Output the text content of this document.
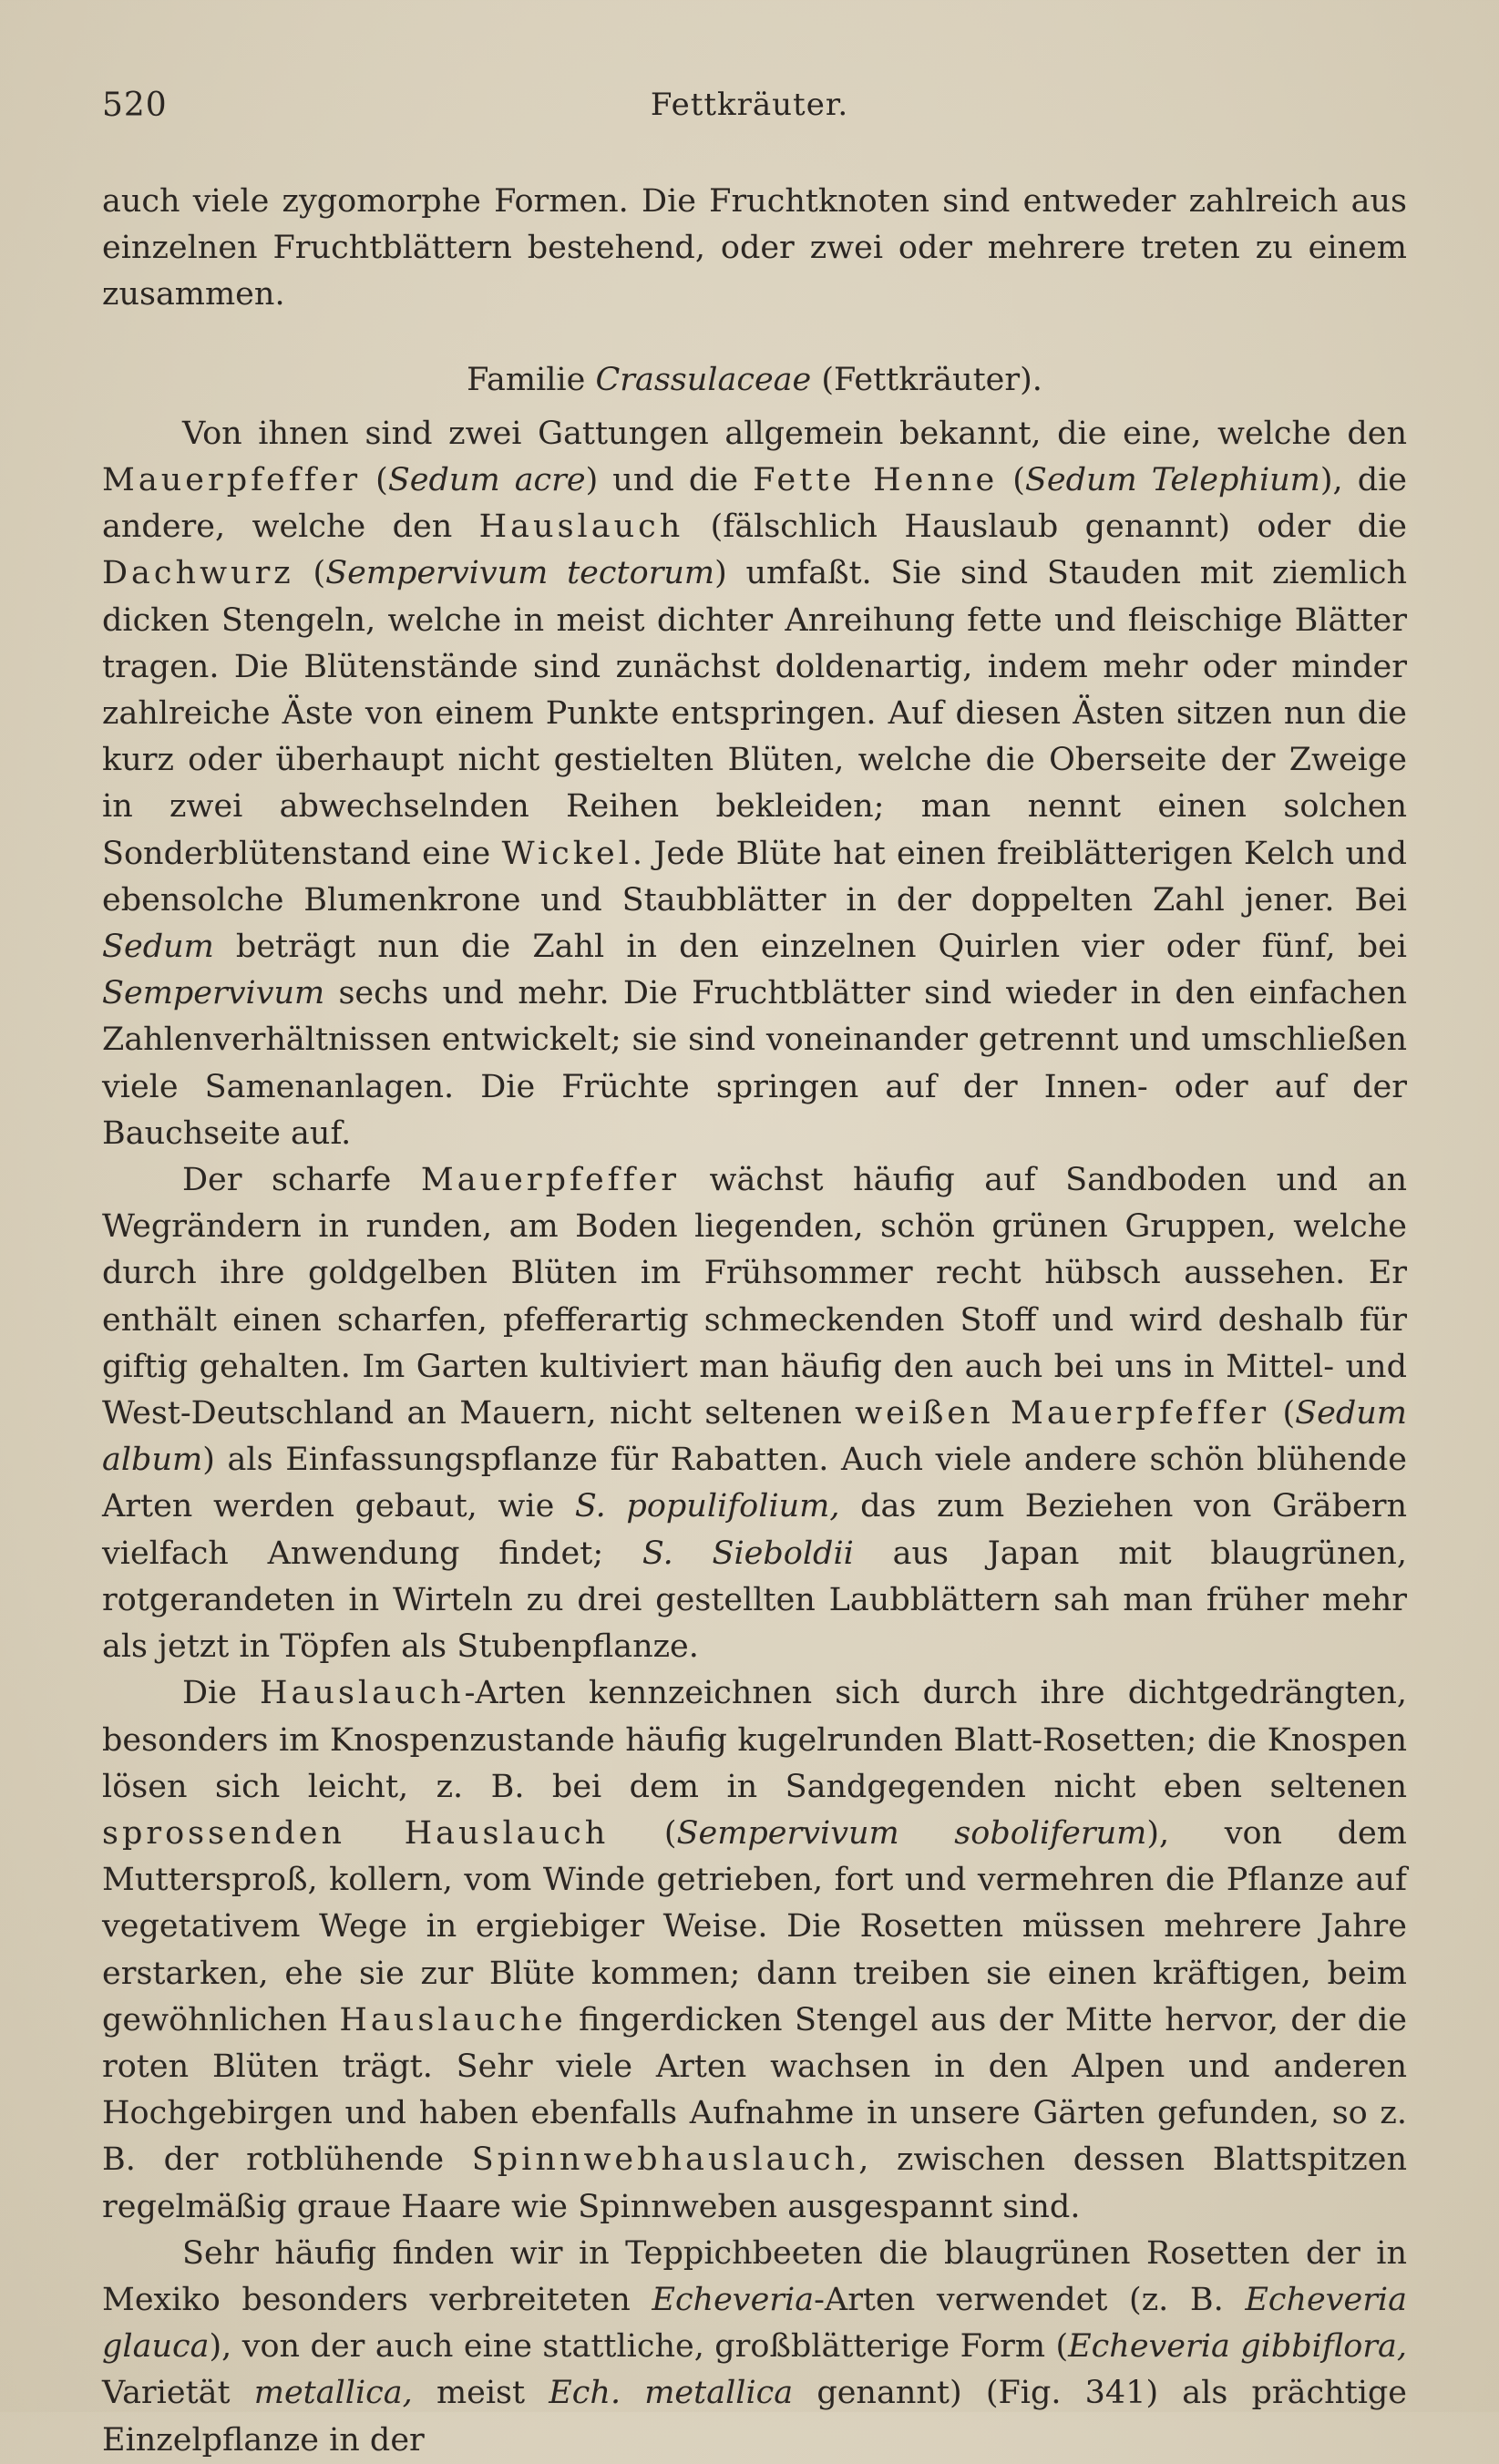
520	Fettkräuter.

auch viele zygomorphe Formen. Die Fruchtknoten sind entweder zahlreich aus einzelnen Fruchtblättern bestehend, oder zwei oder mehrere treten zu einem zusammen.

Familie Crassulaceae (Fettkräuter).

Von ihnen sind zwei Gattungen allgemein bekannt, die eine, welche den Mauerpfeffer (Sedum acre) und die Fette Henne (Sedum Telephium), die andere, welche den Hauslauch (fälschlich Hauslaub genannt) oder die Dachwurz (Sempervivum tectorum) umfaßt. Sie sind Stauden mit ziemlich dicken Stengeln, welche in meist dichter Anreihung fette und fleischige Blätter tragen. Die Blütenstände sind zunächst doldenartig, indem mehr oder minder zahlreiche Äste von einem Punkte entspringen. Auf diesen Ästen sitzen nun die kurz oder überhaupt nicht gestielten Blüten, welche die Oberseite der Zweige in zwei abwechselnden Reihen bekleiden; man nennt einen solchen Sonderblütenstand eine Wickel. Jede Blüte hat einen freiblätterigen Kelch und ebensolche Blumenkrone und Staubblätter in der doppelten Zahl jener. Bei Sedum beträgt nun die Zahl in den einzelnen Quirlen vier oder fünf, bei Sempervivum sechs und mehr. Die Fruchtblätter sind wieder in den einfachen Zahlenverhältnissen entwickelt; sie sind voneinander getrennt und umschließen viele Samenanlagen. Die Früchte springen auf der Innen- oder auf der Bauchseite auf.

Der scharfe Mauerpfeffer wächst häufig auf Sandboden und an Wegrändern in runden, am Boden liegenden, schön grünen Gruppen, welche durch ihre goldgelben Blüten im Frühsommer recht hübsch aussehen. Er enthält einen scharfen, pfefferartig schmeckenden Stoff und wird deshalb für giftig gehalten. Im Garten kultiviert man häufig den auch bei uns in Mittel- und West-Deutschland an Mauern, nicht seltenen weißen Mauerpfeffer (Sedum album) als Einfassungspflanze für Rabatten. Auch viele andere schön blühende Arten werden gebaut, wie S. populifolium, das zum Beziehen von Gräbern vielfach Anwendung findet; S. Sieboldii aus Japan mit blaugrünen, rotgerandeten in Wirteln zu drei gestellten Laubblättern sah man früher mehr als jetzt in Töpfen als Stubenpflanze.

Die Hauslauch-Arten kennzeichnen sich durch ihre dichtgedrängten, besonders im Knospenzustande häufig kugelrunden Blatt-Rosetten; die Knospen lösen sich leicht, z. B. bei dem in Sandgegenden nicht eben seltenen sprossenden Hauslauch (Sempervivum soboliferum), von dem Muttersproß, kollern, vom Winde getrieben, fort und vermehren die Pflanze auf vegetativem Wege in ergiebiger Weise. Die Rosetten müssen mehrere Jahre erstarken, ehe sie zur Blüte kommen; dann treiben sie einen kräftigen, beim gewöhnlichen Hauslauche fingerdicken Stengel aus der Mitte hervor, der die roten Blüten trägt. Sehr viele Arten wachsen in den Alpen und anderen Hochgebirgen und haben ebenfalls Aufnahme in unsere Gärten gefunden, so z. B. der rotblühende Spinnwebhauslauch, zwischen dessen Blattspitzen regelmäßig graue Haare wie Spinnweben ausgespannt sind.

Sehr häufig finden wir in Teppichbeeten die blaugrünen Rosetten der in Mexiko besonders verbreiteten Echeveria-Arten verwendet (z. B. Echeveria glauca), von der auch eine stattliche, großblätterige Form (Echeveria gibbiflora, Varietät metallica, meist Ech. metallica genannt) (Fig. 341) als prächtige Einzelpflanze in der
